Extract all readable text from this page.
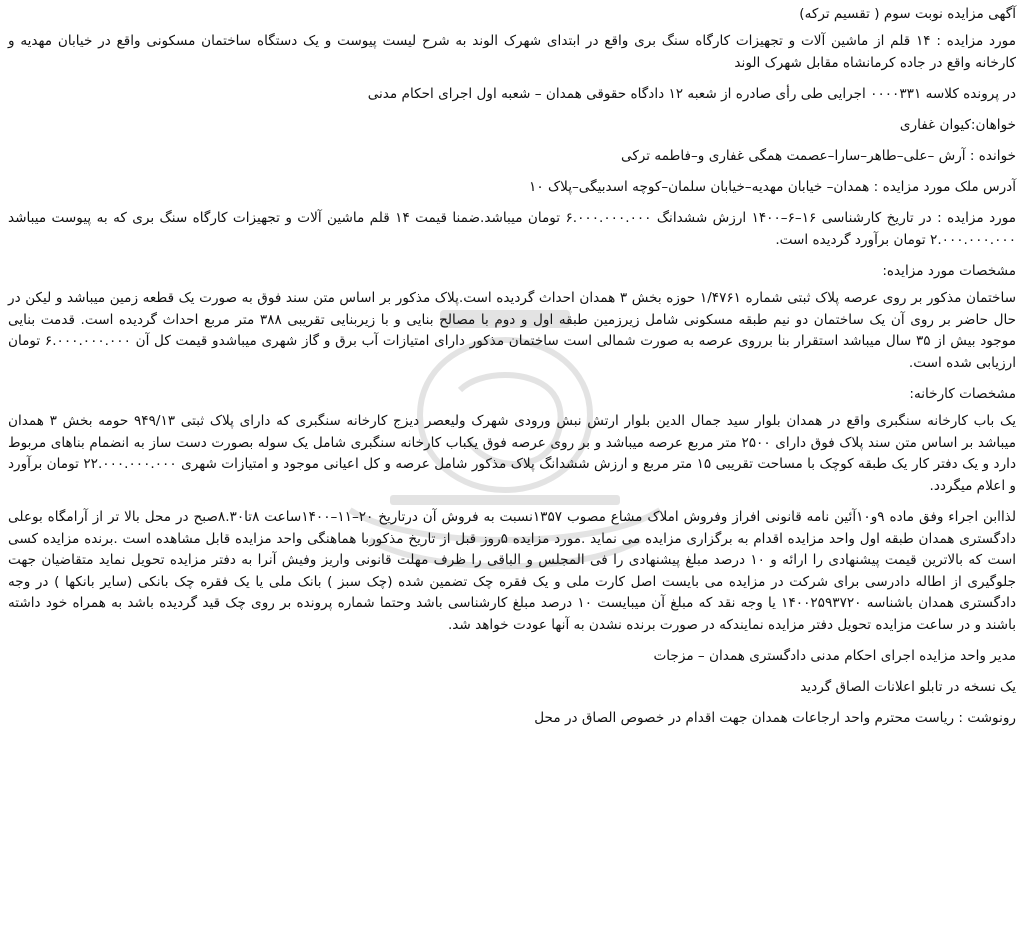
آگهی مزایده نوبت سوم ( تقسیم ترکه)
مورد مزایده : ۱۴ قلم از ماشین آلات و تجهیزات کارگاه سنگ بری واقع در ابتدای شهرک الوند به شرح لیست پیوست و یک دستگاه ساختمان مسکونی واقع در خیابان مهدیه و کارخانه واقع در جاده کرمانشاه مقابل شهرک الوند
در پرونده کلاسه ۰۰۰۰۳۳۱ اجرایی طی رأی صادره از شعبه ۱۲ دادگاه حقوقی همدان – شعبه اول اجرای احکام مدنی
خواهان:کیوان غفاری
خوانده : آرش –علی–طاهر–سارا–عصمت همگی غفاری و–فاطمه ترکی
آدرس ملک مورد مزایده : همدان– خیابان مهدیه–خیابان سلمان–کوچه اسدبیگی–پلاک ۱۰
مورد مزایده : در تاریخ کارشناسی ۱۶–۶–۱۴۰۰ ارزش ششدانگ ۶.۰۰۰.۰۰۰.۰۰۰ تومان میباشد.ضمنا قیمت ۱۴ قلم ماشین آلات و تجهیزات کارگاه سنگ بری که به پیوست میباشد ۲.۰۰۰.۰۰۰.۰۰۰ تومان برآورد گردیده است.
مشخصات مورد مزایده:
ساختمان مذکور بر روی عرصه پلاک ثبتی شماره ۱/۴۷۶۱ حوزه بخش ۳ همدان احداث گردیده است.پلاک مذکور بر اساس متن سند فوق به صورت یک قطعه زمین میباشد و لیکن در حال حاضر بر روی آن یک ساختمان دو نیم طبقه مسکونی شامل زیرزمین طبقه اول و دوم با مصالح بنایی و با زیربنایی تقریبی ۳۸۸ متر مربع احداث گردیده است. قدمت بنایی موجود بیش از ۳۵ سال میباشد استقرار بنا برروی عرصه به صورت شمالی است ساختمان مذکور دارای امتیازات آب برق و گاز شهری میباشدو قیمت کل آن ۶.۰۰۰.۰۰۰.۰۰۰ تومان ارزیابی شده است.
مشخصات کارخانه:
یک باب کارخانه سنگبری واقع در همدان بلوار سید جمال الدین بلوار ارتش نبش ورودی شهرک ولیعصر دیزج کارخانه سنگبری که دارای پلاک ثبتی ۹۴۹/۱۳ حومه بخش ۳ همدان میباشد بر اساس متن سند پلاک فوق دارای ۲۵۰۰ متر مربع عرصه میباشد و بر روی عرصه فوق یکباب کارخانه سنگبری شامل یک سوله بصورت دست ساز به انضمام بناهای مربوط دارد و یک دفتر کار یک طبقه کوچک با مساحت تقریبی ۱۵ متر مربع و ارزش ششدانگ پلاک مذکور شامل عرصه و کل اعیانی موجود و امتیازات شهری ۲۲.۰۰۰.۰۰۰.۰۰۰ تومان برآورد و اعلام میگردد.
لذاابن اجراء وفق ماده ۹و۱۰آئین نامه قانونی افراز وفروش املاک مشاع مصوب ۱۳۵۷نسبت به فروش آن درتاریخ ۲۰–۱۱–۱۴۰۰ساعت ۸تا۸.۳۰صبح در محل بالا تر از آرامگاه بوعلی دادگستری همدان طبقه اول واحد مزایده اقدام به برگزاری مزایده می نماید .مورد مزایده ۵روز قبل از تاریخ مذکوربا هماهنگی واحد مزایده قابل مشاهده است .برنده مزایده کسی است که بالاترین قیمت پیشنهادی را ارائه و ۱۰ درصد مبلغ پیشنهادی را فی المجلس و الباقی را ظرف مهلت قانونی واریز وفیش آنرا به دفتر مزایده تحویل نماید متقاضیان جهت جلوگیری از اطاله دادرسی برای شرکت در مزایده می بایست اصل کارت ملی و یک فقره چک تضمین شده (چک سبز ) بانک ملی یا یک فقره چک بانکی (سایر بانکها ) در وجه دادگستری همدان باشناسه ۱۴۰۰۲۵۹۳۷۲۰ یا وجه نقد که مبلغ آن میبایست ۱۰ درصد مبلغ کارشناسی باشد وحتما شماره پرونده بر روی چک قید گردیده باشد به همراه خود داشته باشند و در ساعت مزایده تحویل دفتر مزایده نمایندکه در صورت برنده نشدن به آنها عودت خواهد شد.
مدیر واحد مزایده اجرای احکام مدنی دادگستری همدان – مزجات
یک نسخه در تابلو اعلانات الصاق گردید
رونوشت : ریاست محترم واحد ارجاعات همدان جهت اقدام در خصوص الصاق در محل
